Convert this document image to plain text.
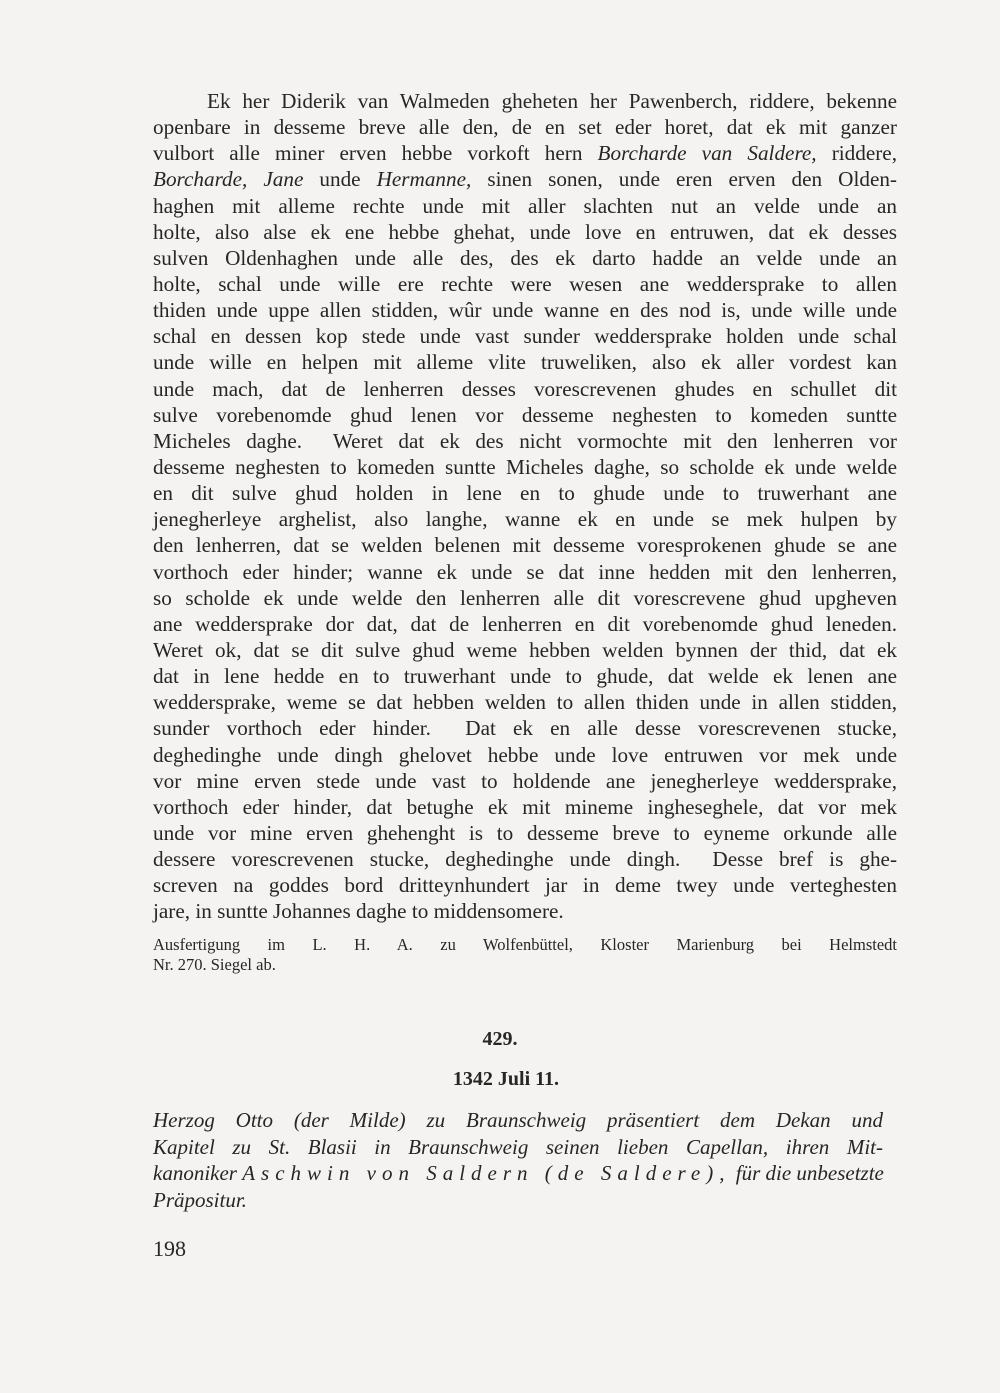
Ek her Diderik van Walmeden gheheten her Pawenberch, riddere, bekenne
openbare in desseme breve alle den, de en set eder horet, dat ek mit ganzer
vulbort alle miner erven hebbe vorkoft hern Borcharde van Saldere, riddere,
Borcharde, Jane unde Hermanne, sinen sonen, unde eren erven den Olden-
haghen mit alleme rechte unde mit aller slachten nut an velde unde an
holte, also alse ek ene hebbe ghehat, unde love en entruwen, dat ek desses
sulven Oldenhaghen unde alle des, des ek darto hadde an velde unde an
holte, schal unde wille ere rechte were wesen ane weddersprake to allen
thiden unde uppe allen stidden, wûr unde wanne en des nod is, unde wille unde
schal en dessen kop stede unde vast sunder weddersprake holden unde schal
unde wille en helpen mit alleme vlite truweliken, also ek aller vordest kan
unde mach, dat de lenherren desses vorescrevenen ghudes en schullet dit
sulve vorebenomde ghud lenen vor desseme neghesten to komeden suntte
Micheles daghe.  Weret dat ek des nicht vormochte mit den lenherren vor
desseme neghesten to komeden suntte Micheles daghe, so scholde ek unde welde
en dit sulve ghud holden in lene en to ghude unde to truwerhant ane
jenegherleye arghelist, also langhe, wanne ek en unde se mek hulpen by
den lenherren, dat se welden belenen mit desseme voresprokenen ghude se ane
vorthoch eder hinder; wanne ek unde se dat inne hedden mit den lenherren,
so scholde ek unde welde den lenherren alle dit vorescrevene ghud upgheven
ane weddersprake dor dat, dat de lenherren en dit vorebenomde ghud leneden.
Weret ok, dat se dit sulve ghud weme hebben welden bynnen der thid, dat ek
dat in lene hedde en to truwerhant unde to ghude, dat welde ek lenen ane
weddersprake, weme se dat hebben welden to allen thiden unde in allen stidden,
sunder vorthoch eder hinder.  Dat ek en alle desse vorescrevenen stucke,
deghedinghe unde dingh ghelovet hebbe unde love entruwen vor mek unde
vor mine erven stede unde vast to holdende ane jenegherleye weddersprake,
vorthoch eder hinder, dat betughe ek mit mineme ingheseghele, dat vor mek
unde vor mine erven ghehenght is to desseme breve to eyneme orkunde alle
dessere vorescrevenen stucke, deghedinghe unde dingh.  Desse bref is ghe-
screven na goddes bord dritteynhundert jar in deme twey unde verteghesten
jare, in suntte Johannes daghe to middensomere.
Ausfertigung im L. H. A. zu Wolfenbüttel, Kloster Marienburg bei Helmstedt
Nr. 270. Siegel ab.
429.
1342 Juli 11.
Herzog Otto (der Milde) zu Braunschweig präsentiert dem Dekan und
Kapitel zu St. Blasii in Braunschweig seinen lieben Capellan, ihren Mit-
kanoniker Aschwin von Saldern (de Saldere), für die unbesetzte
Präpositur.
198
